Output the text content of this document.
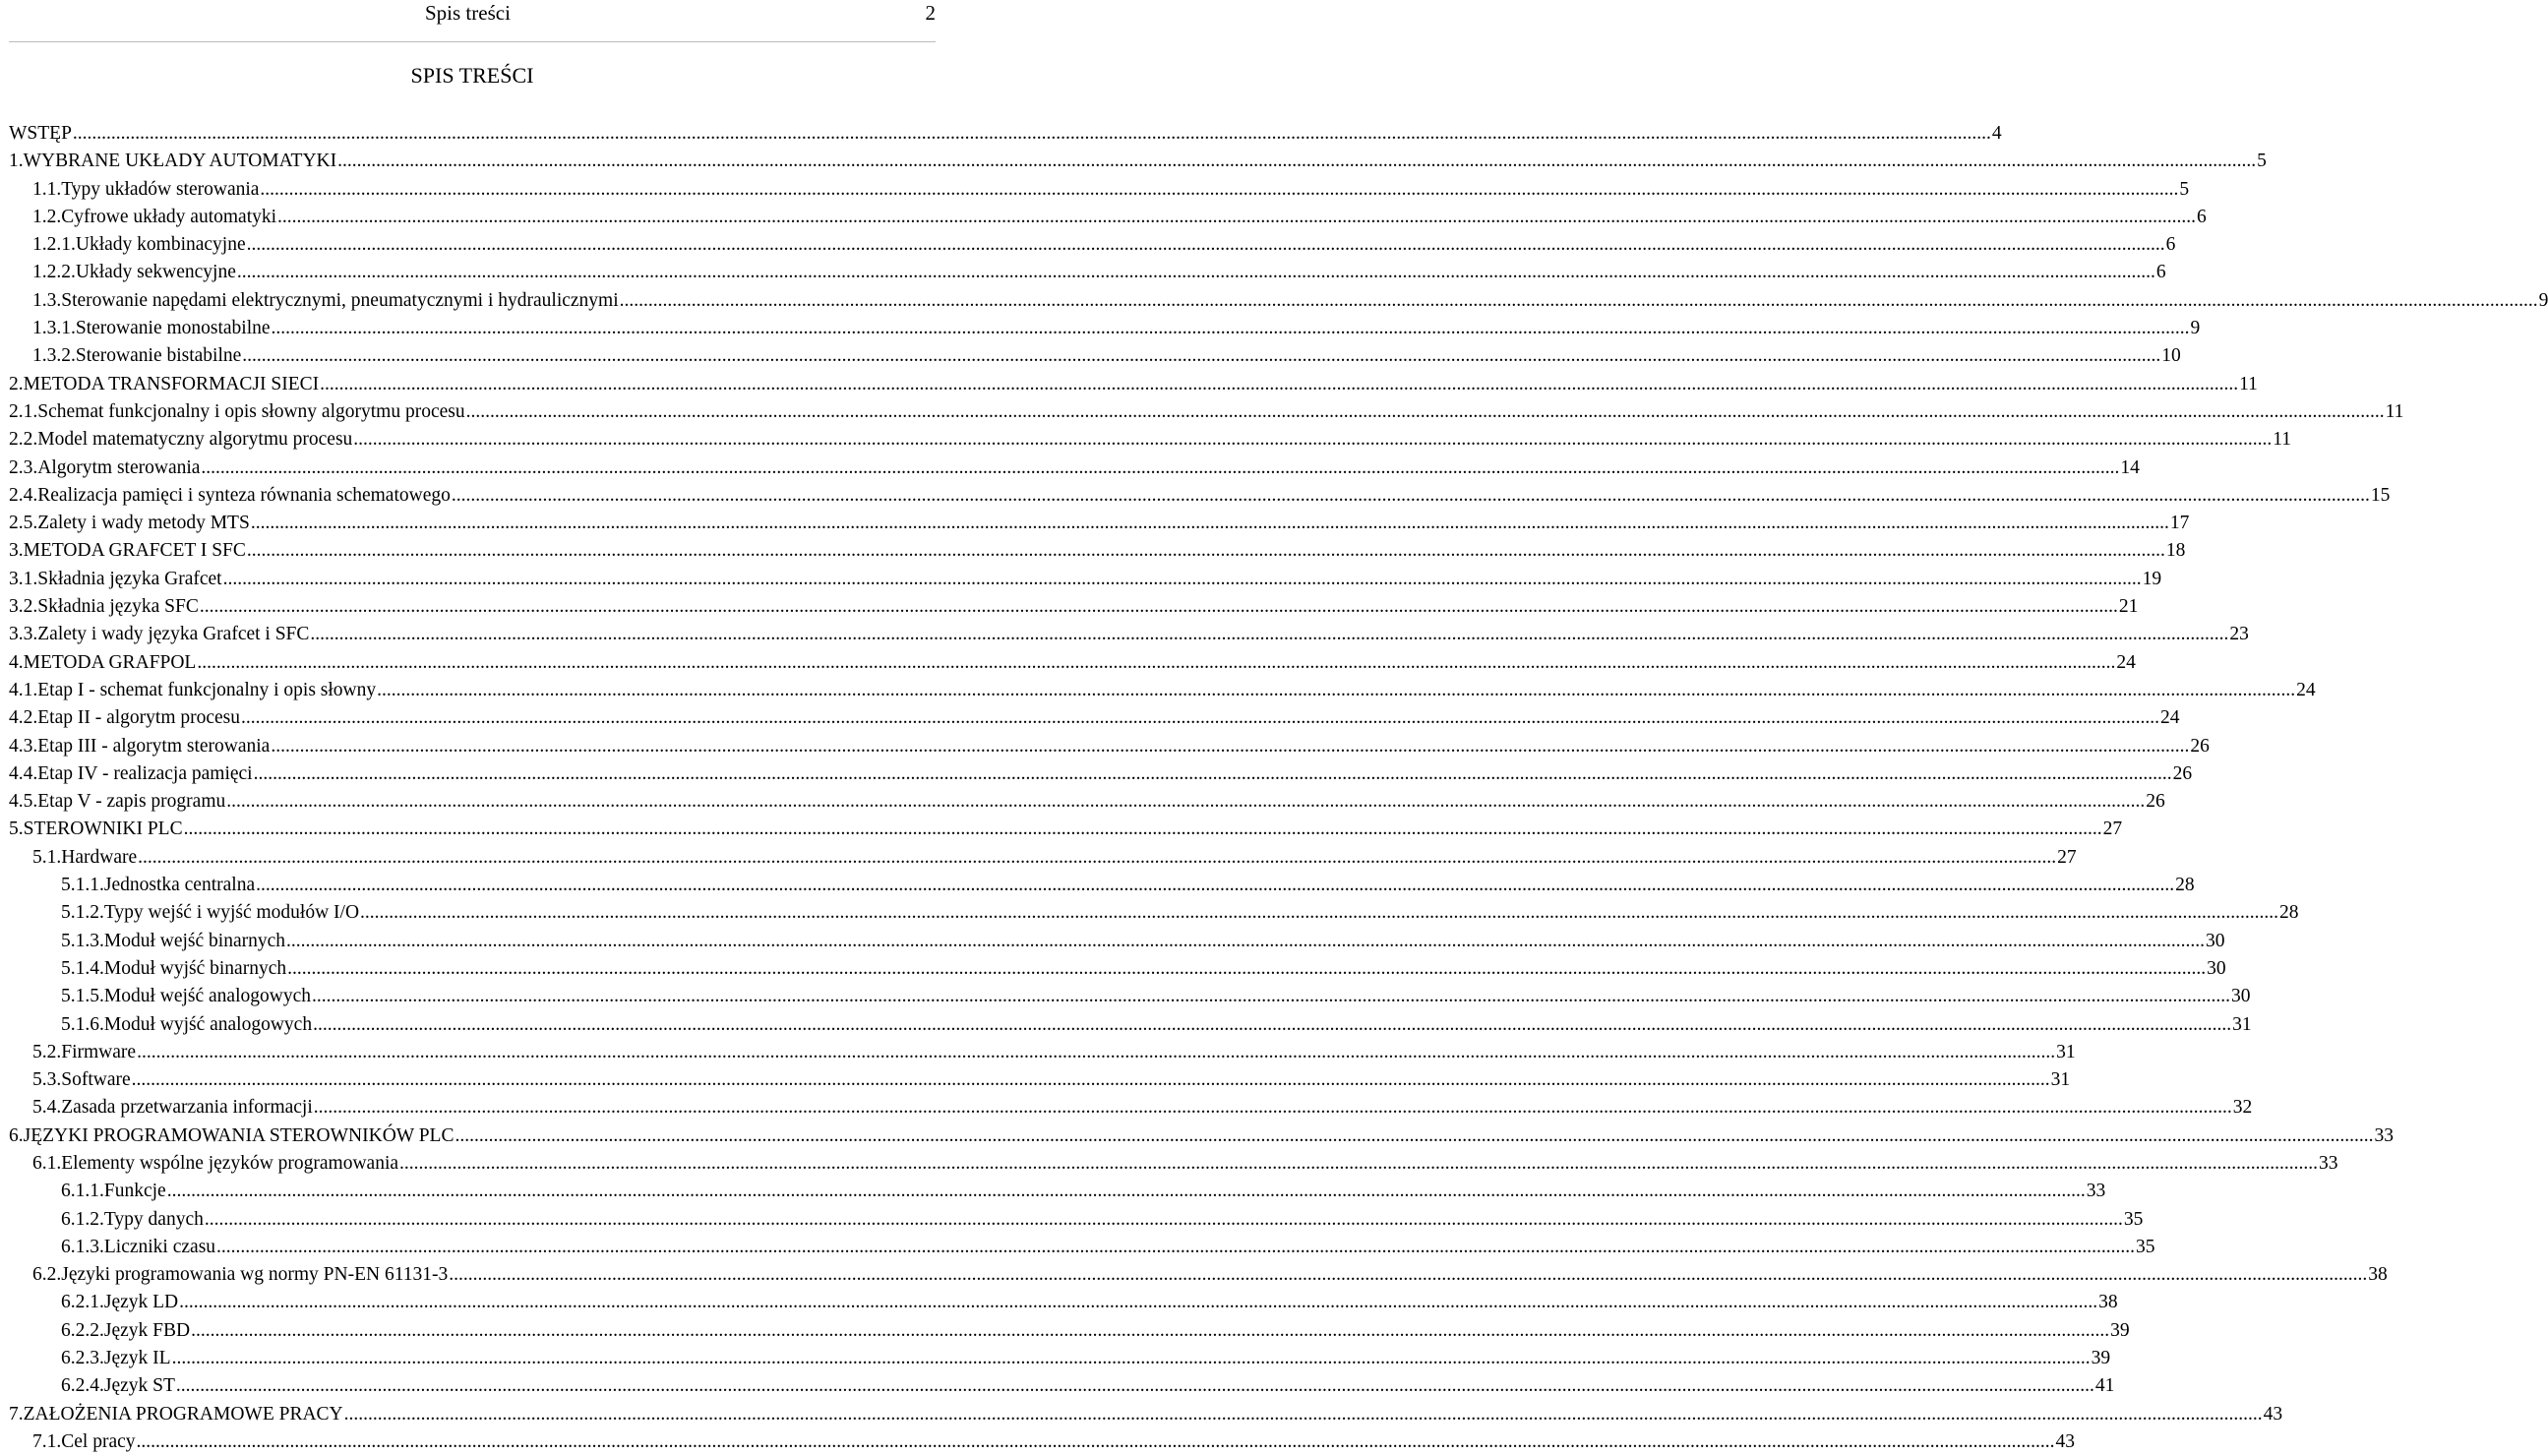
Spis treści	2
SPIS TREŚCI
WSTĘP ................................................................................................................................................................................................................................................................................................................................................................................................................ 4
1. WYBRANE UKŁADY AUTOMATYKI ................................................................................................................................................................................................................................................................................................................................................................................................................ 5
1.1. Typy układów sterowania ................................................................................................................................................................................................................................................................................................................................................................................................................ 5
1.2. Cyfrowe układy automatyki ................................................................................................................................................................................................................................................................................................................................................................................................................ 6
1.2.1. Układy kombinacyjne ................................................................................................................................................................................................................................................................................................................................................................................................................ 6
1.2.2. Układy sekwencyjne ................................................................................................................................................................................................................................................................................................................................................................................................................ 6
1.3. Sterowanie napędami elektrycznymi, pneumatycznymi i hydraulicznymi ................................................................................................................................................................................................................................................................................................................................................................................................................ 9
1.3.1. Sterowanie monostabilne ................................................................................................................................................................................................................................................................................................................................................................................................................ 9
1.3.2. Sterowanie bistabilne ................................................................................................................................................................................................................................................................................................................................................................................................................ 10
2. METODA TRANSFORMACJI SIECI ................................................................................................................................................................................................................................................................................................................................................................................................................ 11
2.1. Schemat funkcjonalny i opis słowny algorytmu procesu ................................................................................................................................................................................................................................................................................................................................................................................................................ 11
2.2. Model matematyczny algorytmu procesu ................................................................................................................................................................................................................................................................................................................................................................................................................ 11
2.3. Algorytm sterowania ................................................................................................................................................................................................................................................................................................................................................................................................................ 14
2.4. Realizacja pamięci i synteza równania schematowego ................................................................................................................................................................................................................................................................................................................................................................................................................ 15
2.5. Zalety i wady metody MTS ................................................................................................................................................................................................................................................................................................................................................................................................................ 17
3. METODA GRAFCET I SFC ................................................................................................................................................................................................................................................................................................................................................................................................................ 18
3.1. Składnia języka Grafcet ................................................................................................................................................................................................................................................................................................................................................................................................................ 19
3.2. Składnia języka SFC ................................................................................................................................................................................................................................................................................................................................................................................................................ 21
3.3. Zalety i wady języka Grafcet i SFC ................................................................................................................................................................................................................................................................................................................................................................................................................ 23
4. METODA GRAFPOL ................................................................................................................................................................................................................................................................................................................................................................................................................ 24
4.1. Etap I - schemat funkcjonalny i opis słowny ................................................................................................................................................................................................................................................................................................................................................................................................................ 24
4.2. Etap II - algorytm procesu ................................................................................................................................................................................................................................................................................................................................................................................................................ 24
4.3. Etap III - algorytm sterowania ................................................................................................................................................................................................................................................................................................................................................................................................................ 26
4.4. Etap IV - realizacja pamięci ................................................................................................................................................................................................................................................................................................................................................................................................................ 26
4.5. Etap V - zapis programu ................................................................................................................................................................................................................................................................................................................................................................................................................ 26
5. STEROWNIKI PLC ................................................................................................................................................................................................................................................................................................................................................................................................................ 27
5.1. Hardware ................................................................................................................................................................................................................................................................................................................................................................................................................ 27
5.1.1. Jednostka centralna ................................................................................................................................................................................................................................................................................................................................................................................................................ 28
5.1.2. Typy wejść i wyjść modułów I/O ................................................................................................................................................................................................................................................................................................................................................................................................................ 28
5.1.3. Moduł wejść binarnych ................................................................................................................................................................................................................................................................................................................................................................................................................ 30
5.1.4. Moduł wyjść binarnych ................................................................................................................................................................................................................................................................................................................................................................................................................ 30
5.1.5. Moduł wejść analogowych ................................................................................................................................................................................................................................................................................................................................................................................................................ 30
5.1.6. Moduł wyjść analogowych ................................................................................................................................................................................................................................................................................................................................................................................................................ 31
5.2. Firmware ................................................................................................................................................................................................................................................................................................................................................................................................................ 31
5.3. Software ................................................................................................................................................................................................................................................................................................................................................................................................................ 31
5.4. Zasada przetwarzania informacji ................................................................................................................................................................................................................................................................................................................................................................................................................ 32
6. JĘZYKI PROGRAMOWANIA STEROWNIKÓW PLC ................................................................................................................................................................................................................................................................................................................................................................................................................ 33
6.1. Elementy wspólne języków programowania ................................................................................................................................................................................................................................................................................................................................................................................................................ 33
6.1.1. Funkcje ................................................................................................................................................................................................................................................................................................................................................................................................................ 33
6.1.2. Typy danych ................................................................................................................................................................................................................................................................................................................................................................................................................ 35
6.1.3. Liczniki czasu ................................................................................................................................................................................................................................................................................................................................................................................................................ 35
6.2. Języki programowania wg normy PN-EN 61131-3 ................................................................................................................................................................................................................................................................................................................................................................................................................ 38
6.2.1. Język LD ................................................................................................................................................................................................................................................................................................................................................................................................................ 38
6.2.2. Język FBD ................................................................................................................................................................................................................................................................................................................................................................................................................ 39
6.2.3. Język IL ................................................................................................................................................................................................................................................................................................................................................................................................................ 39
6.2.4. Język ST ................................................................................................................................................................................................................................................................................................................................................................................................................ 41
7. ZAŁOŻENIA PROGRAMOWE PRACY ................................................................................................................................................................................................................................................................................................................................................................................................................ 43
7.1. Cel pracy ................................................................................................................................................................................................................................................................................................................................................................................................................ 43
